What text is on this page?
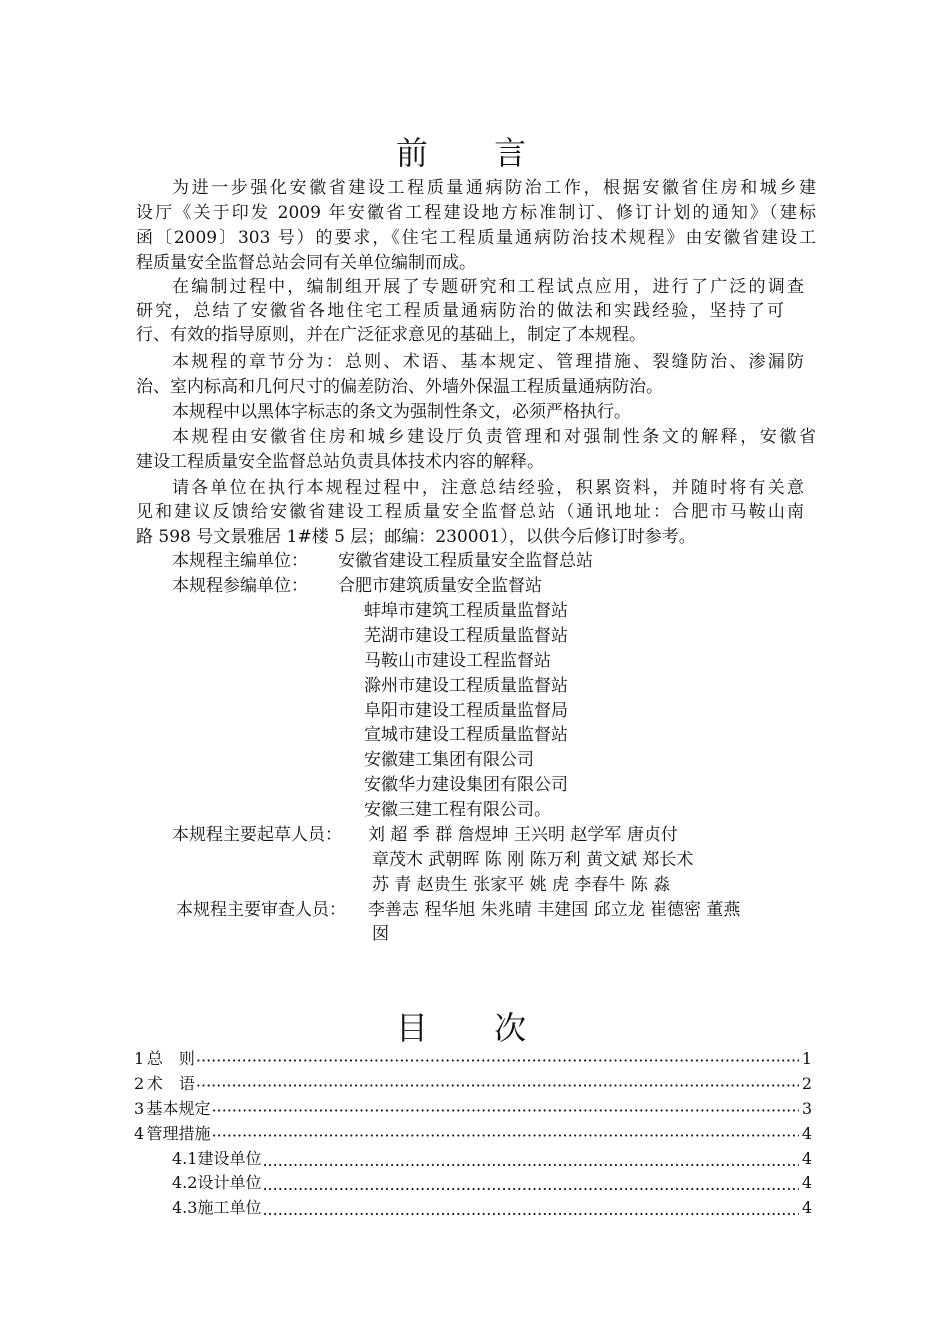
前 言
为进一步强化安徽省建设工程质量通病防治工作，根据安徽省住房和城乡建
设厅《关于印发 2009 年安徽省工程建设地方标准制订、修订计划的通知》（建标
函〔2009〕303 号）的要求，《住宅工程质量通病防治技术规程》由安徽省建设工
程质量安全监督总站会同有关单位编制而成。
在编制过程中，编制组开展了专题研究和工程试点应用，进行了广泛的调查
研究，总结了安徽省各地住宅工程质量通病防治的做法和实践经验，坚持了可
行、有效的指导原则，并在广泛征求意见的基础上，制定了本规程。
本规程的章节分为：总则、术语、基本规定、管理措施、裂缝防治、渗漏防
治、室内标高和几何尺寸的偏差防治、外墙外保温工程质量通病防治。
本规程中以黑体字标志的条文为强制性条文，必须严格执行。
本规程由安徽省住房和城乡建设厅负责管理和对强制性条文的解释，安徽省
建设工程质量安全监督总站负责具体技术内容的解释。
请各单位在执行本规程过程中，注意总结经验，积累资料，并随时将有关意
见和建议反馈给安徽省建设工程质量安全监督总站（通讯地址：合肥市马鞍山南
路 598 号文景雅居 1#楼 5 层；邮编：230001），以供今后修订时参考。
本规程主编单位： 安徽省建设工程质量安全监督总站
本规程参编单位： 合肥市建筑质量安全监督站
蚌埠市建筑工程质量监督站
芜湖市建设工程质量监督站
马鞍山市建设工程监督站
滁州市建设工程质量监督站
阜阳市建设工程质量监督局
宣城市建设工程质量监督站
安徽建工集团有限公司
安徽华力建设集团有限公司
安徽三建工程有限公司。
本规程主要起草人员： 刘 超 季 群 詹煜坤 王兴明 赵学军 唐贞付
章茂木 武朝晖 陈 刚 陈万利 黄文斌 郑长术
苏 青 赵贵生 张家平 姚 虎 李春牛 陈 淼
本规程主要审查人员： 李善志 程华旭 朱兆晴 丰建国 邱立龙 崔德密 董燕
囡
目 次
1 总　则 ·····	1
2 术　语 ·····	2
3 基本规定 ·····	3
4 管理措施 ·····	4
4.1 建设单位 .....	4
4.2 设计单位 .....	4
4.3 施工单位 .....	4
